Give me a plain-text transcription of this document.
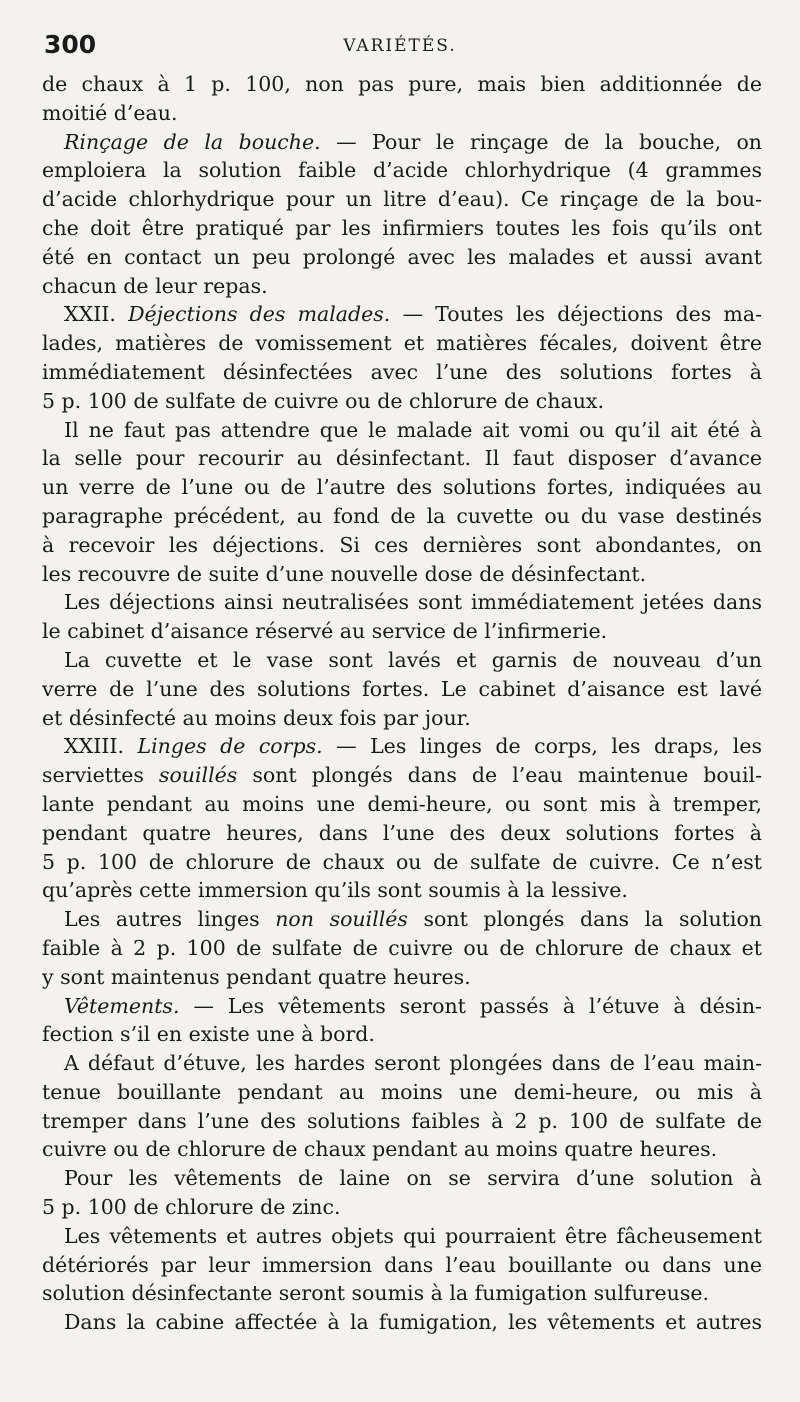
300	VARIÉTÉS.
de chaux à 1 p. 100, non pas pure, mais bien additionnée de
moitié d’eau.
Rinçage de la bouche. — Pour le rinçage de la bouche, on
emploiera la solution faible d’acide chlorhydrique (4 grammes
d’acide chlorhydrique pour un litre d’eau). Ce rinçage de la bou-
che doit être pratiqué par les infirmiers toutes les fois qu’ils ont
été en contact un peu prolongé avec les malades et aussi avant
chacun de leur repas.
XXII. Déjections des malades. — Toutes les déjections des ma-
lades, matières de vomissement et matières fécales, doivent être
immédiatement désinfectées avec l’une des solutions fortes à
5 p. 100 de sulfate de cuivre ou de chlorure de chaux.
Il ne faut pas attendre que le malade ait vomi ou qu’il ait été à
la selle pour recourir au désinfectant. Il faut disposer d’avance
un verre de l’une ou de l’autre des solutions fortes, indiquées au
paragraphe précédent, au fond de la cuvette ou du vase destinés
à recevoir les déjections. Si ces dernières sont abondantes, on
les recouvre de suite d’une nouvelle dose de désinfectant.
Les déjections ainsi neutralisées sont immédiatement jetées dans
le cabinet d’aisance réservé au service de l’infirmerie.
La cuvette et le vase sont lavés et garnis de nouveau d’un
verre de l’une des solutions fortes. Le cabinet d’aisance est lavé
et désinfecté au moins deux fois par jour.
XXIII. Linges de corps. — Les linges de corps, les draps, les
serviettes souillés sont plongés dans de l’eau maintenue bouil-
lante pendant au moins une demi-heure, ou sont mis à tremper,
pendant quatre heures, dans l’une des deux solutions fortes à
5 p. 100 de chlorure de chaux ou de sulfate de cuivre. Ce n’est
qu’après cette immersion qu’ils sont soumis à la lessive.
Les autres linges non souillés sont plongés dans la solution
faible à 2 p. 100 de sulfate de cuivre ou de chlorure de chaux et
y sont maintenus pendant quatre heures.
Vêtements. — Les vêtements seront passés à l’étuve à désin-
fection s’il en existe une à bord.
A défaut d’étuve, les hardes seront plongées dans de l’eau main-
tenue bouillante pendant au moins une demi-heure, ou mis à
tremper dans l’une des solutions faibles à 2 p. 100 de sulfate de
cuivre ou de chlorure de chaux pendant au moins quatre heures.
Pour les vêtements de laine on se servira d’une solution à
5 p. 100 de chlorure de zinc.
Les vêtements et autres objets qui pourraient être fâcheusement
détériorés par leur immersion dans l’eau bouillante ou dans une
solution désinfectante seront soumis à la fumigation sulfureuse.
Dans la cabine affectée à la fumigation, les vêtements et autres
